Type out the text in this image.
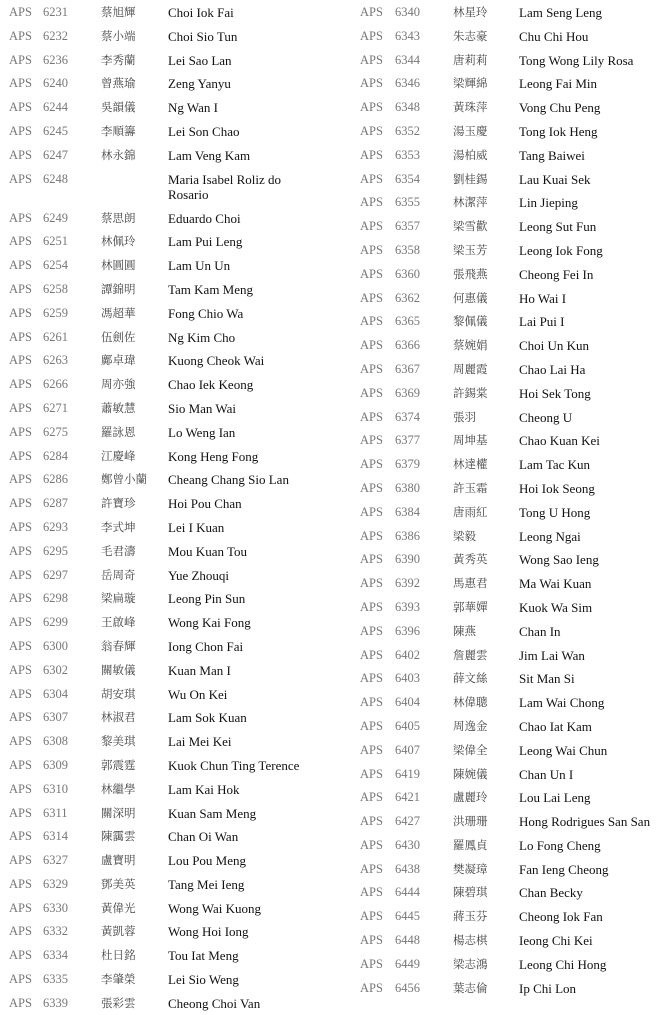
APS 6231	蔡旭輝	Choi Iok Fai
APS 6232	蔡小端	Choi Sio Tun
APS 6236	李秀蘭	Lei Sao Lan
APS 6240	曾燕瑜	Zeng Yanyu
APS 6244	吳韻儀	Ng Wan I
APS 6245	李順籌	Lei Son Chao
APS 6247	林永錦	Lam Veng Kam
APS 6248	Maria Isabel Roliz do Rosario
APS 6249	蔡思朗	Eduardo Choi
APS 6251	林佩玲	Lam Pui Leng
APS 6254	林圓圓	Lam Un Un
APS 6258	譚錦明	Tam Kam Meng
APS 6259	馮超華	Fong Chio Wa
APS 6261	伍劍佐	Ng Kim Cho
APS 6263	鄺卓瑋	Kuong Cheok Wai
APS 6266	周亦強	Chao Iek Keong
APS 6271	蕭敏慧	Sio Man Wai
APS 6275	羅詠恩	Lo Weng Ian
APS 6284	江慶峰	Kong Heng Fong
APS 6286	鄭曾小蘭 Cheang Chang Sio Lan
APS 6287	許寶珍	Hoi Pou Chan
APS 6293	李式坤	Lei I Kuan
APS 6295	毛君濤	Mou Kuan Tou
APS 6297	岳周奇	Yue Zhouqi
APS 6298	梁扁璇	Leong Pin Sun
APS 6299	王啟峰	Wong Kai Fong
APS 6300	翁春輝	Iong Chon Fai
APS 6302	關敏儀	Kuan Man I
APS 6304	胡安琪	Wu On Kei
APS 6307	林淑君	Lam Sok Kuan
APS 6308	黎美琪	Lai Mei Kei
APS 6309	郭震霆	Kuok Chun Ting Terence
APS 6310	林繼學	Lam Kai Hok
APS 6311	關深明	Kuan Sam Meng
APS 6314	陳靄雲	Chan Oi Wan
APS 6327	盧寶明	Lou Pou Meng
APS 6329	鄧美英	Tang Mei Ieng
APS 6330	黃偉光	Wong Wai Kuong
APS 6332	黃凱蓉	Wong Hoi Iong
APS 6334	杜日銘	Tou Iat Meng
APS 6335	李肇榮	Lei Sio Weng
APS 6339	張彩雲	Cheong Choi Van
APS 6340	林星玲 Lam Seng Leng
APS 6343	朱志豪 Chu Chi Hou
APS 6344	唐莉莉 Tong Wong Lily Rosa
APS 6346	梁輝綿 Leong Fai Min
APS 6348	黃珠萍 Vong Chu Peng
APS 6352	湯玉慶 Tong Iok Heng
APS 6353	湯柏威 Tang Baiwei
APS 6354	劉桂錫 Lau Kuai Sek
APS 6355	林潔萍 Lin Jieping
APS 6357	梁雪歡 Leong Sut Fun
APS 6358	梁玉芳 Leong Iok Fong
APS 6360	張飛燕 Cheong Fei In
APS 6362	何惠儀 Ho Wai I
APS 6365	黎佩儀 Lai Pui I
APS 6366	蔡婉娟 Choi Un Kun
APS 6367	周麗霞 Chao Lai Ha
APS 6369	許錫棠 Hoi Sek Tong
APS 6374	張羽	Cheong U
APS 6377	周坤基 Chao Kuan Kei
APS 6379	林達權 Lam Tac Kun
APS 6380	許玉霜 Hoi Iok Seong
APS 6384	唐雨紅 Tong U Hong
APS 6386	梁毅	Leong Ngai
APS 6390	黃秀英 Wong Sao Ieng
APS 6392	馬惠君 Ma Wai Kuan
APS 6393	郭華嬋 Kuok Wa Sim
APS 6396	陳燕	Chan In
APS 6402	詹麗雲 Jim Lai Wan
APS 6403	薛文絲 Sit Man Si
APS 6404	林偉聰 Lam Wai Chong
APS 6405	周逸金 Chao Iat Kam
APS 6407	梁偉全 Leong Wai Chun
APS 6419	陳婉儀 Chan Un I
APS 6421	盧麗玲 Lou Lai Leng
APS 6427	洪珊珊 Hong Rodrigues San San
APS 6430	羅鳳貞 Lo Fong Cheng
APS 6438	樊凝璋 Fan Ieng Cheong
APS 6444	陳碧琪 Chan Becky
APS 6445	蔣玉芬 Cheong Iok Fan
APS 6448	楊志棋 Ieong Chi Kei
APS 6449	梁志鴻 Leong Chi Hong
APS 6456	葉志倫 Ip Chi Lon
